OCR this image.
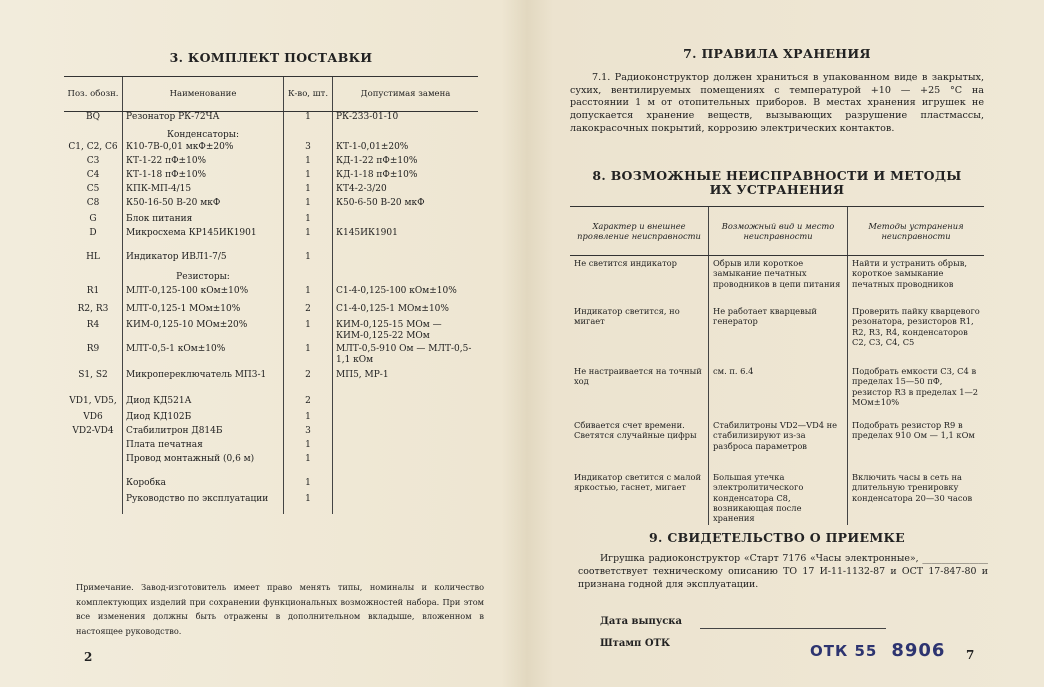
3. КОМПЛЕКТ ПОСТАВКИ
Поз. обозн.	Наименование	К-во, шт.	Допустимая замена
BQ	Резонатор РК-72ЧА	1	РК-233-01-10
	Конденсаторы:		
C1, C2, C6	К10-7В-0,01 мкФ±20%	3	КТ-1-0,01±20%
C3	КТ-1-22 пФ±10%	1	КД-1-22 пФ±10%
C4	КТ-1-18 пФ±10%	1	КД-1-18 пФ±10%
C5	КПК-МП-4/15	1	КТ4-2-3/20
C8	К50-16-50 В-20 мкФ	1	К50-6-50 В-20 мкФ
G	Блок питания	1	
D	Микросхема КР145ИК1901	1	К145ИК1901
HL	Индикатор ИВЛ1-7/5	1	
	Резисторы:		
R1	МЛТ-0,125-100 кОм±10%	1	С1-4-0,125-100 кОм±10%
R2, R3	МЛТ-0,125-1 МОм±10%	2	С1-4-0,125-1 МОм±10%
R4	КИМ-0,125-10 МОм±20%	1	КИМ-0,125-15 МОм — КИМ-0,125-22 МОм
R9	МЛТ-0,5-1 кОм±10%	1	МЛТ-0,5-910 Ом — МЛТ-0,5-1,1 кОм
S1, S2	Микропереключатель МП3-1	2	МП5, МР-1
VD1, VD5,	Диод КД521А	2	
VD6	Диод КД102Б	1	
VD2-VD4	Стабилитрон Д814Б	3	
	Плата печатная	1	
	Провод монтажный (0,6 м)	1	
	Коробка	1	
	Руководство по эксплуатации	1	
Примечание. Завод-изготовитель имеет право менять типы, номиналы и количество комплектующих изделий при сохранении функциональных возможностей набора. При этом все изменения должны быть отражены в дополнительном вкладыше, вложенном в настоящее руководство.
2
7. ПРАВИЛА ХРАНЕНИЯ
7.1. Радиоконструктор должен храниться в упакованном виде в закрытых, сухих, вентилируемых помещениях с температурой +10 — +25 °С на расстоянии 1 м от отопительных приборов. В местах хранения игрушек не допускается хранение веществ, вызывающих разрушение пластмассы, лакокрасочных покрытий, коррозию электрических контактов.
8. ВОЗМОЖНЫЕ НЕИСПРАВНОСТИ И МЕТОДЫ
ИХ УСТРАНЕНИЯ
Характер и внешнее проявление неисправности	Возможный вид и место неисправности	Методы устранения неисправности
Не светится индикатор	Обрыв или короткое замыкание печатных проводников в цепи питания	Найти и устранить обрыв, короткое замыкание печатных проводников
Индикатор светится, но мигает	Не работает кварцевый генератор	Проверить пайку кварцевого резонатора, резисторов R1, R2, R3, R4, конденсаторов C2, C3, C4, C5
Не настраивается на точный ход	см. п. 6.4	Подобрать емкости С3, С4 в пределах 15—50 пФ, резистор R3 в пределах 1—2 МОм±10%
Сбивается счет времени. Светятся случайные цифры	Стабилитроны VD2—VD4 не стабилизируют из-за разброса параметров	Подобрать резистор R9 в пределах 910 Ом — 1,1 кОм
Индикатор светится с малой яркостью, гаснет, мигает	Большая утечка электролитического конденсатора С8, возникающая после хранения	Включить часы в сеть на длительную тренировку конденсатора 20—30 часов
9. СВИДЕТЕЛЬСТВО О ПРИЕМКЕ
Игрушка радиоконструктор «Старт 7176 «Часы электронные», ______________ соответствует техническому описанию ТО 17 И-11-1132-87 и ОСТ 17-847-80 и признана годной для эксплуатации.
Дата выпуска
Штамп ОТК	ОТК 55 8906 7
